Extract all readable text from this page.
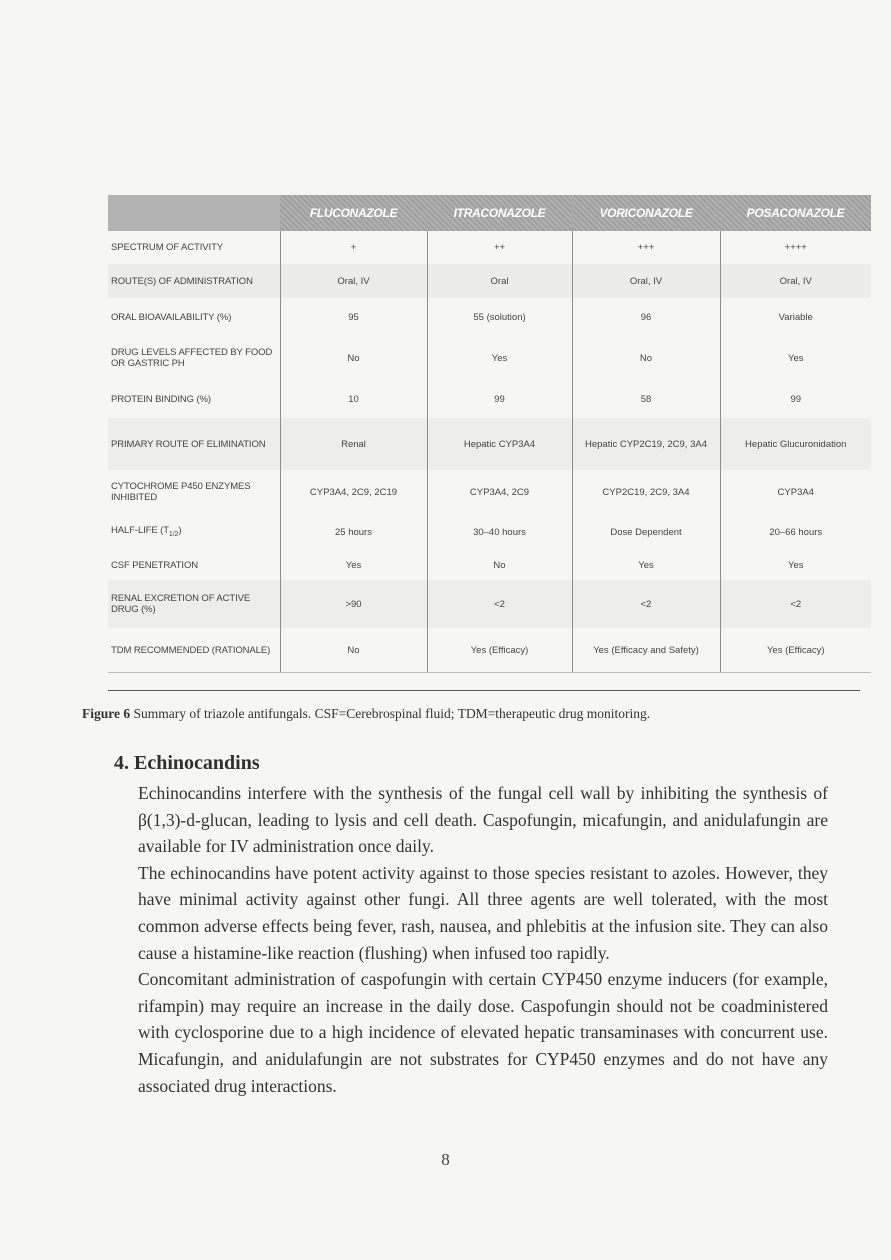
	FLUCONAZOLE	ITRACONAZOLE	VORICONAZOLE	POSACONAZOLE
SPECTRUM OF ACTIVITY	+	++	+++	++++
ROUTE(S) OF ADMINISTRATION	Oral, IV	Oral	Oral, IV	Oral, IV
ORAL BIOAVAILABILITY (%)	95	55 (solution)	96	Variable
DRUG LEVELS AFFECTED BY FOOD OR GASTRIC PH	No	Yes	No	Yes
PROTEIN BINDING (%)	10	99	58	99
PRIMARY ROUTE OF ELIMINATION	Renal	Hepatic CYP3A4	Hepatic CYP2C19, 2C9, 3A4	Hepatic Glucuronidation
CYTOCHROME P450 ENZYMES INHIBITED	CYP3A4, 2C9, 2C19	CYP3A4, 2C9	CYP2C19, 2C9, 3A4	CYP3A4
HALF-LIFE $(T_{1/2})$	25 hours	30–40 hours	Dose Dependent	20–66 hours
CSF PENETRATION	Yes	No	Yes	Yes
RENAL EXCRETION OF ACTIVE DRUG (%)	>90	<2	<2	<2
TDM RECOMMENDED (RATIONALE)	No	Yes (Efficacy)	Yes (Efficacy and Safety)	Yes (Efficacy)
Figure 6 Summary of triazole antifungals. CSF=Cerebrospinal fluid; TDM=therapeutic drug monitoring.
4. Echinocandins

Echinocandins interfere with the synthesis of the fungal cell wall by inhibiting the synthesis of β(1,3)-d-glucan, leading to lysis and cell death. Caspofungin, micafungin, and anidulafungin are available for IV administration once daily.

The echinocandins have potent activity against to those species resistant to azoles. However, they have minimal activity against other fungi. All three agents are well tolerated, with the most common adverse effects being fever, rash, nausea, and phlebitis at the infusion site. They can also cause a histamine-like reaction (flushing) when infused too rapidly.

Concomitant administration of caspofungin with certain CYP450 enzyme inducers (for example, rifampin) may require an increase in the daily dose. Caspofungin should not be coadministered with cyclosporine due to a high incidence of elevated hepatic transaminases with concurrent use. Micafungin, and anidulafungin are not substrates for CYP450 enzymes and do not have any associated drug interactions.

8
